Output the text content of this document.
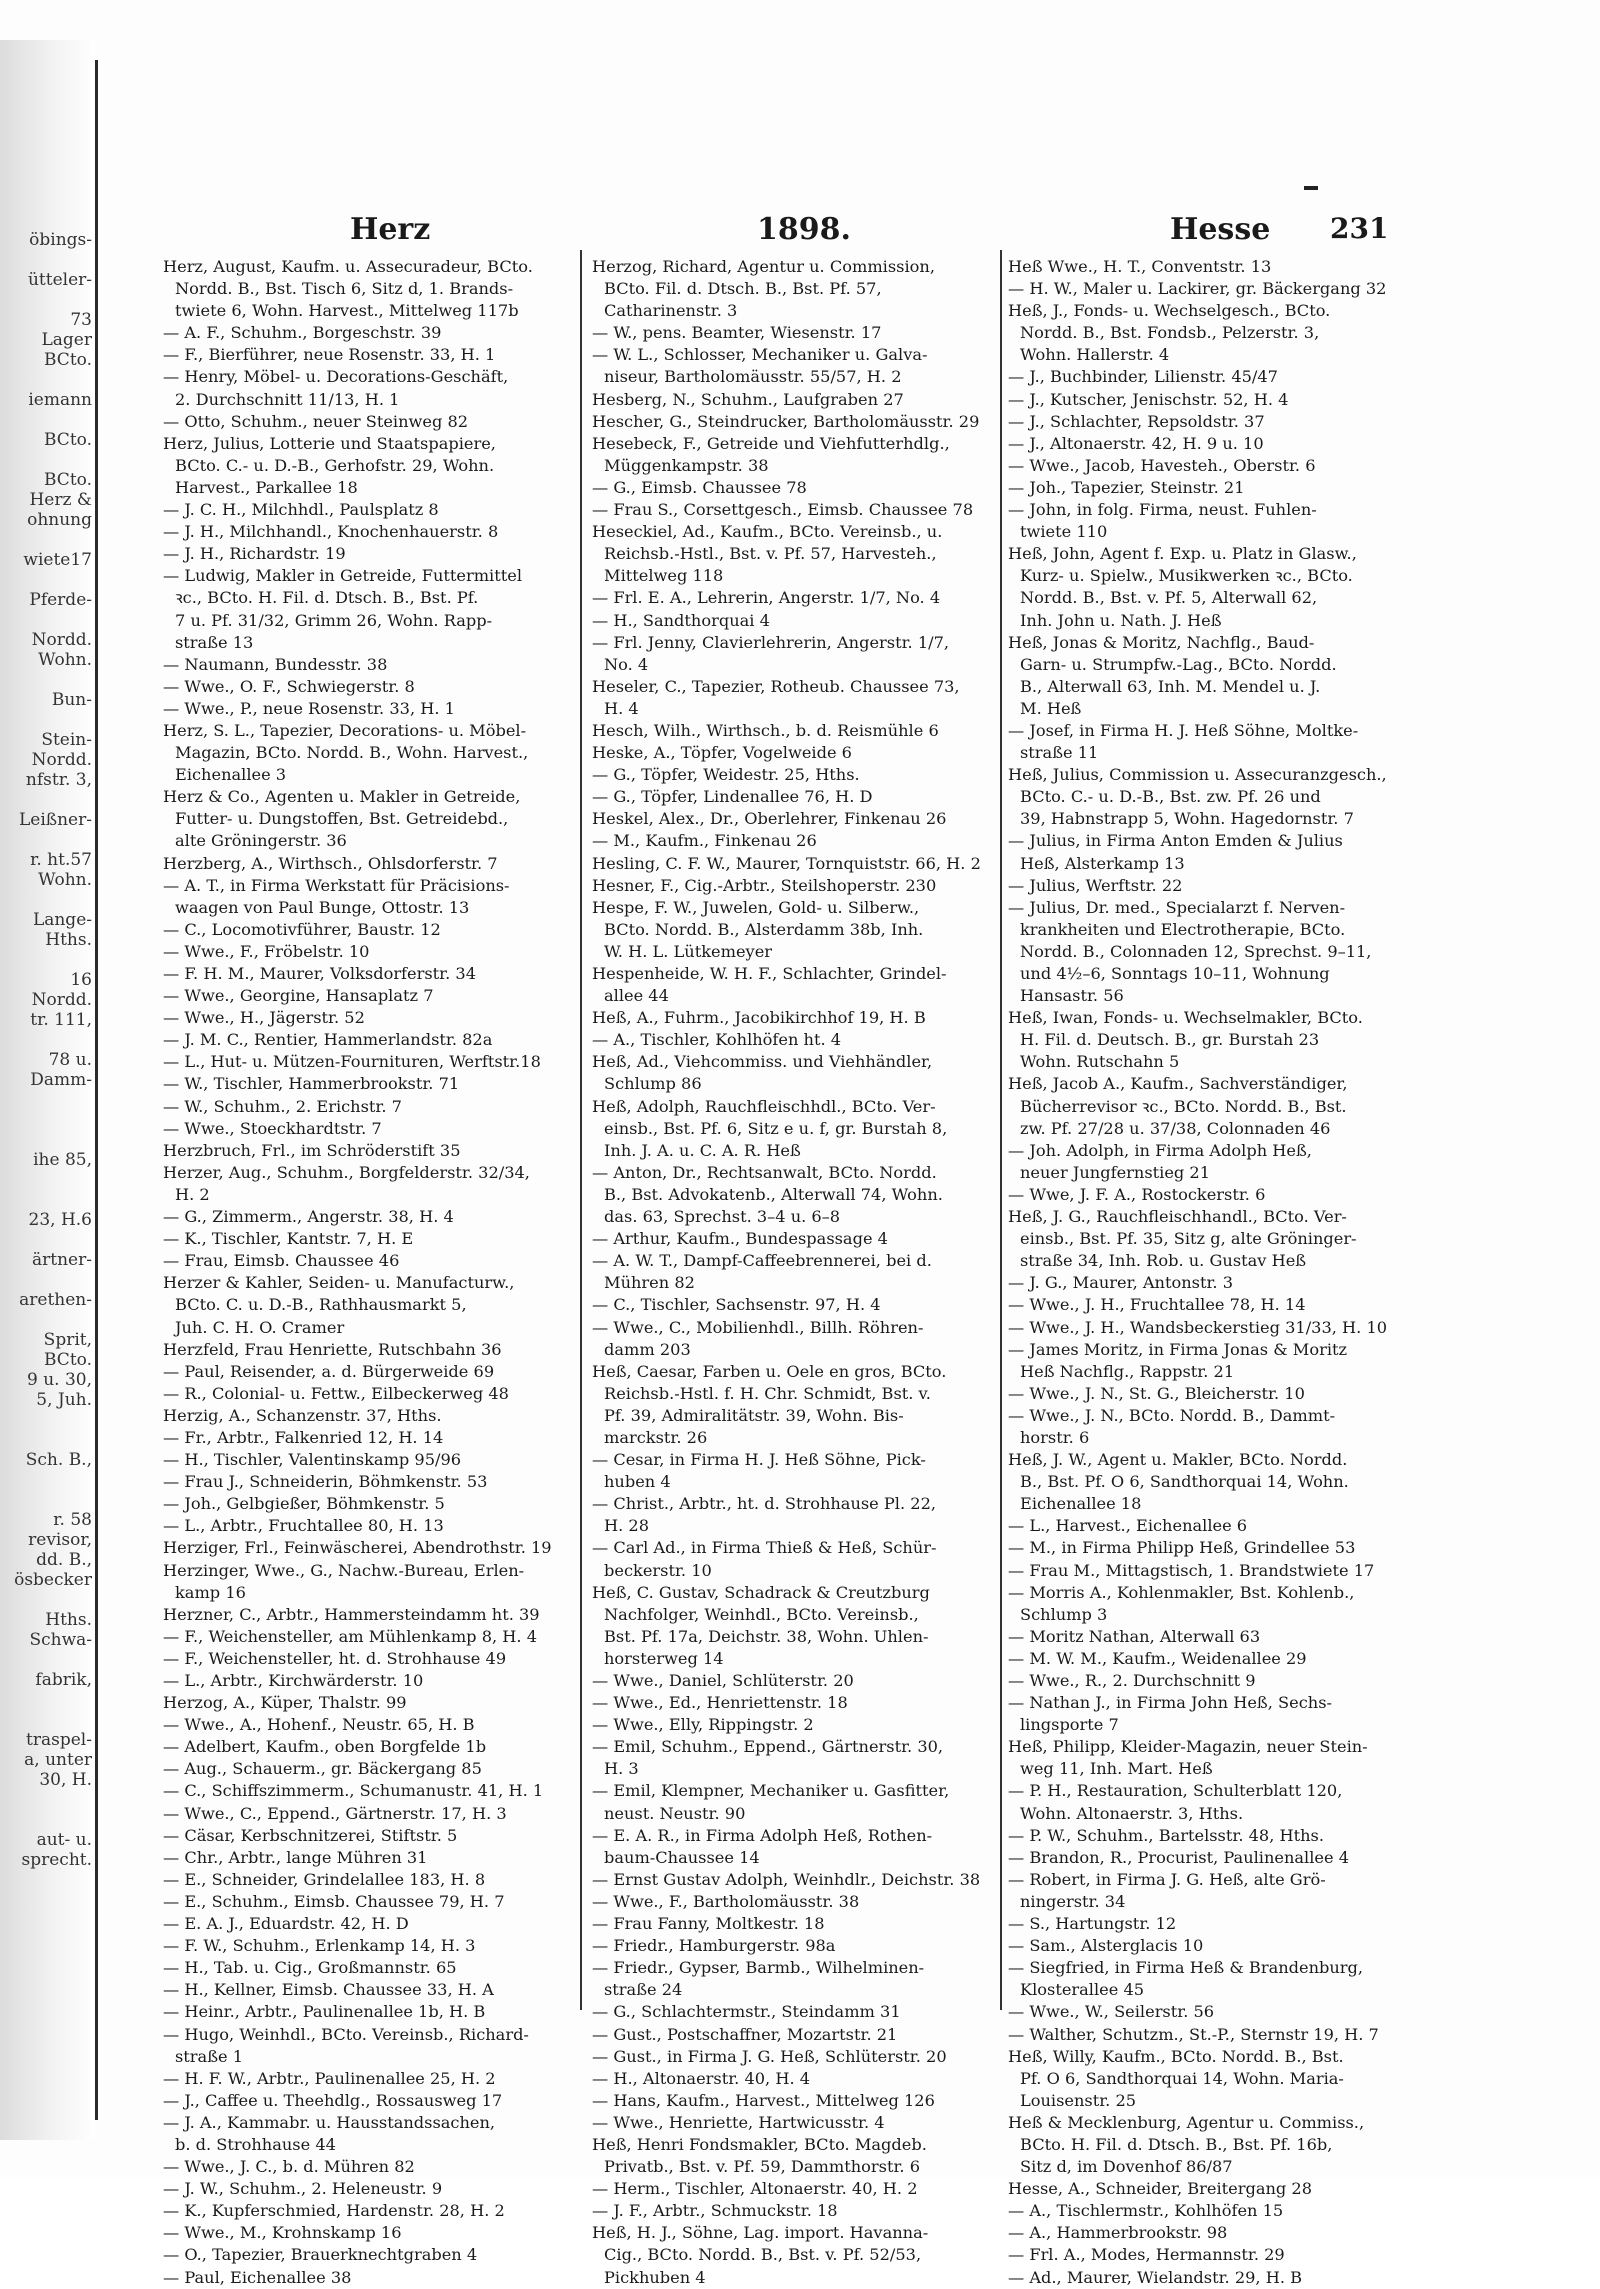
öbings-
ütteler-
73
Lager
BCto.
iemann
BCto.
BCto.
Herz &
ohnung
wiete17
Pferde-
Nordd.
Wohn.
Bun-
Stein-
Nordd.
nfstr. 3,
Leißner-
r. ht.57
Wohn.
Lange-
Hths.
16
Nordd.
tr. 111,
78 u.
Damm-
ihe 85,
23, H.6
ärtner-
arethen-
Sprit,
BCto.
9 u. 30,
5, Juh.
Sch. B.,
r. 58
revisor,
dd. B.,
ösbecker
Hths.
Schwa-
fabrik,
traspel-
a, unter
30, H.
aut- u.
sprecht.
Herz	1898.	Hesse 231

Herz, August, Kaufm. u. Assecuradeur, BCto.

Nordd. B., Bst. Tisch 6, Sitz d, 1. Brands-

twiete 6, Wohn. Harvest., Mittelweg 117b

— A. F., Schuhm., Borgeschstr. 39

— F., Bierführer, neue Rosenstr. 33, H. 1

— Henry, Möbel- u. Decorations-Geschäft,

2. Durchschnitt 11/13, H. 1

— Otto, Schuhm., neuer Steinweg 82

Herz, Julius, Lotterie und Staatspapiere,

BCto. C.- u. D.-B., Gerhofstr. 29, Wohn.

Harvest., Parkallee 18

— J. C. H., Milchhdl., Paulsplatz 8

— J. H., Milchhandl., Knochenhauerstr. 8

— J. H., Richardstr. 19

— Ludwig, Makler in Getreide, Futtermittel

ꝛc., BCto. H. Fil. d. Dtsch. B., Bst. Pf.

7 u. Pf. 31/32, Grimm 26, Wohn. Rapp-

straße 13

— Naumann, Bundesstr. 38

— Wwe., O. F., Schwiegerstr. 8

— Wwe., P., neue Rosenstr. 33, H. 1

Herz, S. L., Tapezier, Decorations- u. Möbel-

Magazin, BCto. Nordd. B., Wohn. Harvest.,

Eichenallee 3

Herz & Co., Agenten u. Makler in Getreide,

Futter- u. Dungstoffen, Bst. Getreidebd.,

alte Gröningerstr. 36

Herzberg, A., Wirthsch., Ohlsdorferstr. 7

— A. T., in Firma Werkstatt für Präcisions-

waagen von Paul Bunge, Ottostr. 13

— C., Locomotivführer, Baustr. 12

— Wwe., F., Fröbelstr. 10

— F. H. M., Maurer, Volksdorferstr. 34

— Wwe., Georgine, Hansaplatz 7

— Wwe., H., Jägerstr. 52

— J. M. C., Rentier, Hammerlandstr. 82a

— L., Hut- u. Mützen-Fournituren, Werftstr.18

— W., Tischler, Hammerbrookstr. 71

— W., Schuhm., 2. Erichstr. 7

— Wwe., Stoeckhardtstr. 7

Herzbruch, Frl., im Schröderstift 35

Herzer, Aug., Schuhm., Borgfelderstr. 32/34,

H. 2

— G., Zimmerm., Angerstr. 38, H. 4

— K., Tischler, Kantstr. 7, H. E

— Frau, Eimsb. Chaussee 46

Herzer & Kahler, Seiden- u. Manufacturw.,

BCto. C. u. D.-B., Rathhausmarkt 5,

Juh. C. H. O. Cramer

Herzfeld, Frau Henriette, Rutschbahn 36

— Paul, Reisender, a. d. Bürgerweide 69

— R., Colonial- u. Fettw., Eilbeckerweg 48

Herzig, A., Schanzenstr. 37, Hths.

— Fr., Arbtr., Falkenried 12, H. 14

— H., Tischler, Valentinskamp 95/96

— Frau J., Schneiderin, Böhmkenstr. 53

— Joh., Gelbgießer, Böhmkenstr. 5

— L., Arbtr., Fruchtallee 80, H. 13

Herziger, Frl., Feinwäscherei, Abendrothstr. 19

Herzinger, Wwe., G., Nachw.-Bureau, Erlen-

kamp 16

Herzner, C., Arbtr., Hammersteindamm ht. 39

— F., Weichensteller, am Mühlenkamp 8, H. 4

— F., Weichensteller, ht. d. Strohhause 49

— L., Arbtr., Kirchwärderstr. 10

Herzog, A., Küper, Thalstr. 99

— Wwe., A., Hohenf., Neustr. 65, H. B

— Adelbert, Kaufm., oben Borgfelde 1b

— Aug., Schauerm., gr. Bäckergang 85

— C., Schiffszimmerm., Schumanustr. 41, H. 1

— Wwe., C., Eppend., Gärtnerstr. 17, H. 3

— Cäsar, Kerbschnitzerei, Stiftstr. 5

— Chr., Arbtr., lange Mühren 31

— E., Schneider, Grindelallee 183, H. 8

— E., Schuhm., Eimsb. Chaussee 79, H. 7

— E. A. J., Eduardstr. 42, H. D

— F. W., Schuhm., Erlenkamp 14, H. 3

— H., Tab. u. Cig., Großmannstr. 65

— H., Kellner, Eimsb. Chaussee 33, H. A

— Heinr., Arbtr., Paulinenallee 1b, H. B

— Hugo, Weinhdl., BCto. Vereinsb., Richard-

straße 1

— H. F. W., Arbtr., Paulinenallee 25, H. 2

— J., Caffee u. Theehdlg., Rossausweg 17

— J. A., Kammabr. u. Hausstandssachen,

b. d. Strohhause 44

— Wwe., J. C., b. d. Mühren 82

— J. W., Schuhm., 2. Heleneustr. 9

— K., Kupferschmied, Hardenstr. 28, H. 2

— Wwe., M., Krohnskamp 16

— O., Tapezier, Brauerknechtgraben 4

— Paul, Eichenallee 38

Herzog, Richard, Agentur u. Commission,

BCto. Fil. d. Dtsch. B., Bst. Pf. 57,

Catharinenstr. 3

— W., pens. Beamter, Wiesenstr. 17

— W. L., Schlosser, Mechaniker u. Galva-

niseur, Bartholomäusstr. 55/57, H. 2

Hesberg, N., Schuhm., Laufgraben 27

Hescher, G., Steindrucker, Bartholomäusstr. 29

Hesebeck, F., Getreide und Viehfutterhdlg.,

Müggenkampstr. 38

— G., Eimsb. Chaussee 78

— Frau S., Corsettgesch., Eimsb. Chaussee 78

Heseckiel, Ad., Kaufm., BCto. Vereinsb., u.

Reichsb.-Hstl., Bst. v. Pf. 57, Harvesteh.,

Mittelweg 118

— Frl. E. A., Lehrerin, Angerstr. 1/7, No. 4

— H., Sandthorquai 4

— Frl. Jenny, Clavierlehrerin, Angerstr. 1/7,

No. 4

Heseler, C., Tapezier, Rotheub. Chaussee 73,

H. 4

Hesch, Wilh., Wirthsch., b. d. Reismühle 6

Heske, A., Töpfer, Vogelweide 6

— G., Töpfer, Weidestr. 25, Hths.

— G., Töpfer, Lindenallee 76, H. D

Heskel, Alex., Dr., Oberlehrer, Finkenau 26

— M., Kaufm., Finkenau 26

Hesling, C. F. W., Maurer, Tornquiststr. 66, H. 2

Hesner, F., Cig.-Arbtr., Steilshoperstr. 230

Hespe, F. W., Juwelen, Gold- u. Silberw.,

BCto. Nordd. B., Alsterdamm 38b, Inh.

W. H. L. Lütkemeyer

Hespenheide, W. H. F., Schlachter, Grindel-

allee 44

Heß, A., Fuhrm., Jacobikirchhof 19, H. B

— A., Tischler, Kohlhöfen ht. 4

Heß, Ad., Viehcommiss. und Viehhändler,

Schlump 86

Heß, Adolph, Rauchfleischhdl., BCto. Ver-

einsb., Bst. Pf. 6, Sitz e u. f, gr. Burstah 8,

Inh. J. A. u. C. A. R. Heß

— Anton, Dr., Rechtsanwalt, BCto. Nordd.

B., Bst. Advokatenb., Alterwall 74, Wohn.

das. 63, Sprechst. 3–4 u. 6–8

— Arthur, Kaufm., Bundespassage 4

— A. W. T., Dampf-Caffeebrennerei, bei d.

Mühren 82

— C., Tischler, Sachsenstr. 97, H. 4

— Wwe., C., Mobilienhdl., Billh. Röhren-

damm 203

Heß, Caesar, Farben u. Oele en gros, BCto.

Reichsb.-Hstl. f. H. Chr. Schmidt, Bst. v.

Pf. 39, Admiralitätstr. 39, Wohn. Bis-

marckstr. 26

— Cesar, in Firma H. J. Heß Söhne, Pick-

huben 4

— Christ., Arbtr., ht. d. Strohhause Pl. 22,

H. 28

— Carl Ad., in Firma Thieß & Heß, Schür-

beckerstr. 10

Heß, C. Gustav, Schadrack & Creutzburg

Nachfolger, Weinhdl., BCto. Vereinsb.,

Bst. Pf. 17a, Deichstr. 38, Wohn. Uhlen-

horsterweg 14

— Wwe., Daniel, Schlüterstr. 20

— Wwe., Ed., Henriettenstr. 18

— Wwe., Elly, Rippingstr. 2

— Emil, Schuhm., Eppend., Gärtnerstr. 30,

H. 3

— Emil, Klempner, Mechaniker u. Gasfitter,

neust. Neustr. 90

— E. A. R., in Firma Adolph Heß, Rothen-

baum-Chaussee 14

— Ernst Gustav Adolph, Weinhdlr., Deichstr. 38

— Wwe., F., Bartholomäusstr. 38

— Frau Fanny, Moltkestr. 18

— Friedr., Hamburgerstr. 98a

— Friedr., Gypser, Barmb., Wilhelminen-

straße 24

— G., Schlachtermstr., Steindamm 31

— Gust., Postschaffner, Mozartstr. 21

— Gust., in Firma J. G. Heß, Schlüterstr. 20

— H., Altonaerstr. 40, H. 4

— Hans, Kaufm., Harvest., Mittelweg 126

— Wwe., Henriette, Hartwicusstr. 4

Heß, Henri Fondsmakler, BCto. Magdeb.

Privatb., Bst. v. Pf. 59, Dammthorstr. 6

— Herm., Tischler, Altonaerstr. 40, H. 2

— J. F., Arbtr., Schmuckstr. 18

Heß, H. J., Söhne, Lag. import. Havanna-

Cig., BCto. Nordd. B., Bst. v. Pf. 52/53,

Pickhuben 4

Heß Wwe., H. T., Conventstr. 13

— H. W., Maler u. Lackirer, gr. Bäckergang 32

Heß, J., Fonds- u. Wechselgesch., BCto.

Nordd. B., Bst. Fondsb., Pelzerstr. 3,

Wohn. Hallerstr. 4

— J., Buchbinder, Lilienstr. 45/47

— J., Kutscher, Jenischstr. 52, H. 4

— J., Schlachter, Repsoldstr. 37

— J., Altonaerstr. 42, H. 9 u. 10

— Wwe., Jacob, Havesteh., Oberstr. 6

— Joh., Tapezier, Steinstr. 21

— John, in folg. Firma, neust. Fuhlen-

twiete 110

Heß, John, Agent f. Exp. u. Platz in Glasw.,

Kurz- u. Spielw., Musikwerken ꝛc., BCto.

Nordd. B., Bst. v. Pf. 5, Alterwall 62,

Inh. John u. Nath. J. Heß

Heß, Jonas & Moritz, Nachflg., Baud-

Garn- u. Strumpfw.-Lag., BCto. Nordd.

B., Alterwall 63, Inh. M. Mendel u. J.

M. Heß

— Josef, in Firma H. J. Heß Söhne, Moltke-

straße 11

Heß, Julius, Commission u. Assecuranzgesch.,

BCto. C.- u. D.-B., Bst. zw. Pf. 26 und

39, Habnstrapp 5, Wohn. Hagedornstr. 7

— Julius, in Firma Anton Emden & Julius

Heß, Alsterkamp 13

— Julius, Werftstr. 22

— Julius, Dr. med., Specialarzt f. Nerven-

krankheiten und Electrotherapie, BCto.

Nordd. B., Colonnaden 12, Sprechst. 9–11,

und 4½–6, Sonntags 10–11, Wohnung

Hansastr. 56

Heß, Iwan, Fonds- u. Wechselmakler, BCto.

H. Fil. d. Deutsch. B., gr. Burstah 23

Wohn. Rutschahn 5

Heß, Jacob A., Kaufm., Sachverständiger,

Bücherrevisor ꝛc., BCto. Nordd. B., Bst.

zw. Pf. 27/28 u. 37/38, Colonnaden 46

— Joh. Adolph, in Firma Adolph Heß,

neuer Jungfernstieg 21

— Wwe, J. F. A., Rostockerstr. 6

Heß, J. G., Rauchfleischhandl., BCto. Ver-

einsb., Bst. Pf. 35, Sitz g, alte Gröninger-

straße 34, Inh. Rob. u. Gustav Heß

— J. G., Maurer, Antonstr. 3

— Wwe., J. H., Fruchtallee 78, H. 14

— Wwe., J. H., Wandsbeckerstieg 31/33, H. 10

— James Moritz, in Firma Jonas & Moritz

Heß Nachflg., Rappstr. 21

— Wwe., J. N., St. G., Bleicherstr. 10

— Wwe., J. N., BCto. Nordd. B., Dammt-

horstr. 6

Heß, J. W., Agent u. Makler, BCto. Nordd.

B., Bst. Pf. O 6, Sandthorquai 14, Wohn.

Eichenallee 18

— L., Harvest., Eichenallee 6

— M., in Firma Philipp Heß, Grindellee 53

— Frau M., Mittagstisch, 1. Brandstwiete 17

— Morris A., Kohlenmakler, Bst. Kohlenb.,

Schlump 3

— Moritz Nathan, Alterwall 63

— M. W. M., Kaufm., Weidenallee 29

— Wwe., R., 2. Durchschnitt 9

— Nathan J., in Firma John Heß, Sechs-

lingsporte 7

Heß, Philipp, Kleider-Magazin, neuer Stein-

weg 11, Inh. Mart. Heß

— P. H., Restauration, Schulterblatt 120,

Wohn. Altonaerstr. 3, Hths.

— P. W., Schuhm., Bartelsstr. 48, Hths.

— Brandon, R., Procurist, Paulinenallee 4

— Robert, in Firma J. G. Heß, alte Grö-

ningerstr. 34

— S., Hartungstr. 12

— Sam., Alsterglacis 10

— Siegfried, in Firma Heß & Brandenburg,

Klosterallee 45

— Wwe., W., Seilerstr. 56

— Walther, Schutzm., St.-P., Sternstr 19, H. 7

Heß, Willy, Kaufm., BCto. Nordd. B., Bst.

Pf. O 6, Sandthorquai 14, Wohn. Maria-

Louisenstr. 25

Heß & Mecklenburg, Agentur u. Commiss.,

BCto. H. Fil. d. Dtsch. B., Bst. Pf. 16b,

Sitz d, im Dovenhof 86/87

Hesse, A., Schneider, Breitergang 28

— A., Tischlermstr., Kohlhöfen 15

— A., Hammerbrookstr. 98

— Frl. A., Modes, Hermannstr. 29

— Ad., Maurer, Wielandstr. 29, H. B
